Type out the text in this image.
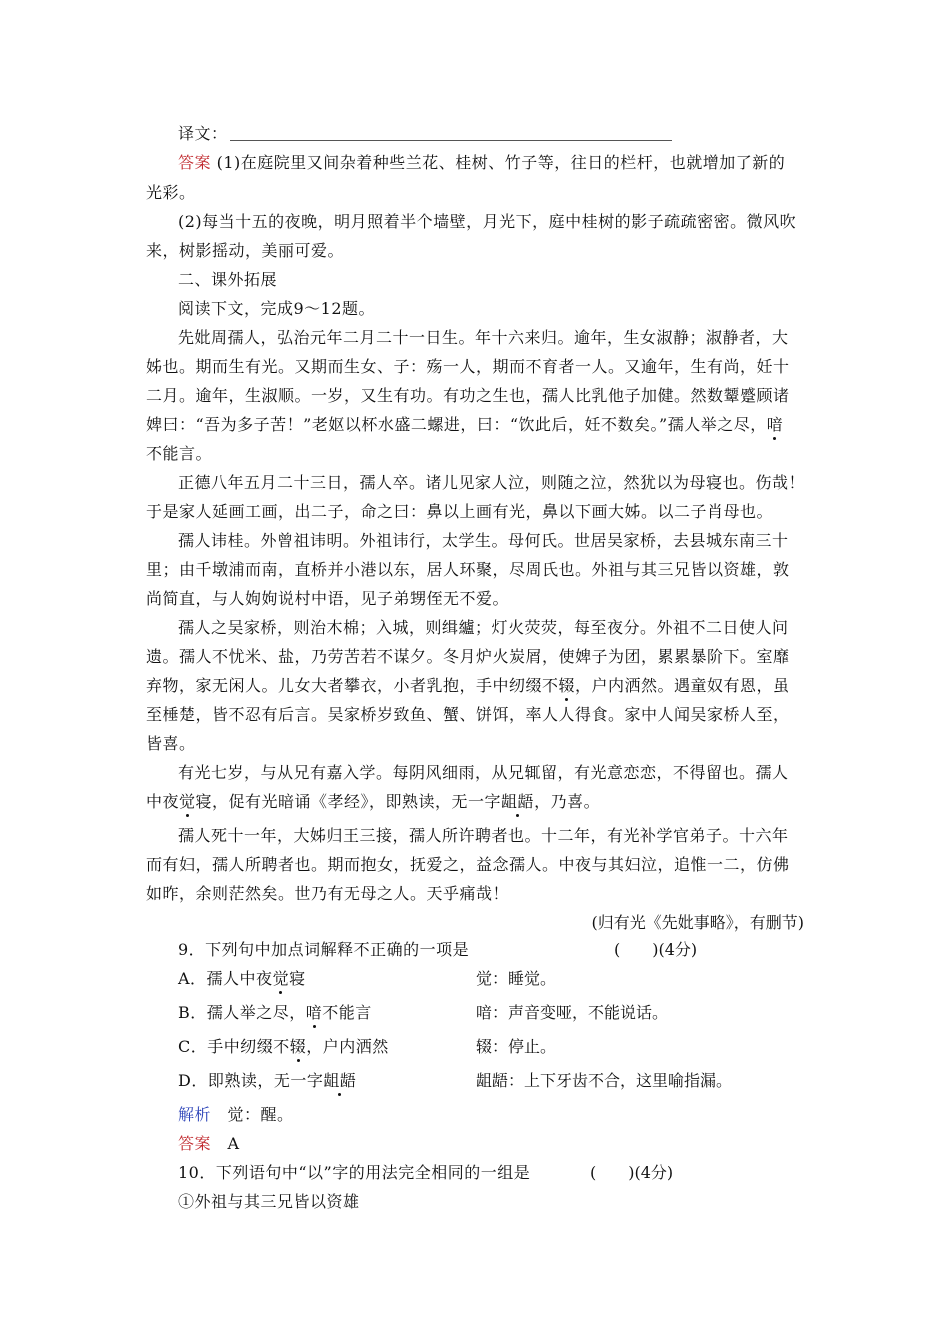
译文：
答案 (1)在庭院里又间杂着种些兰花、桂树、竹子等，往日的栏杆，也就增加了新的
光彩。
(2)每当十五的夜晚，明月照着半个墙壁，月光下，庭中桂树的影子疏疏密密。微风吹
来，树影摇动，美丽可爱。
二、课外拓展
阅读下文，完成9～12题。
先妣周孺人，弘治元年二月二十一日生。年十六来归。逾年，生女淑静；淑静者，大
姊也。期而生有光。又期而生女、子：殇一人，期而不育者一人。又逾年，生有尚，妊十
二月。逾年，生淑顺。一岁，又生有功。有功之生也，孺人比乳他子加健。然数颦蹙顾诸
婢曰：“吾为多子苦！”老妪以杯水盛二螺进，曰：“饮此后，妊不数矣。”孺人举之尽，喑
不能言。
正德八年五月二十三日，孺人卒。诸儿见家人泣，则随之泣，然犹以为母寝也。伤哉！
于是家人延画工画，出二子，命之曰：鼻以上画有光，鼻以下画大姊。以二子肖母也。
孺人讳桂。外曾祖讳明。外祖讳行，太学生。母何氏。世居吴家桥，去县城东南三十
里；由千墩浦而南，直桥并小港以东，居人环聚，尽周氏也。外祖与其三兄皆以资雄，敦
尚简直，与人姁姁说村中语，见子弟甥侄无不爱。
孺人之吴家桥，则治木棉；入城，则缉纑；灯火荧荧，每至夜分。外祖不二日使人问
遗。孺人不忧米、盐，乃劳苦若不谋夕。冬月炉火炭屑，使婢子为团，累累暴阶下。室靡
弃物，家无闲人。儿女大者攀衣，小者乳抱，手中纫缀不辍，户内洒然。遇童奴有恩，虽
至棰楚，皆不忍有后言。吴家桥岁致鱼、蟹、饼饵，率人人得食。家中人闻吴家桥人至，
皆喜。
有光七岁，与从兄有嘉入学。每阴风细雨，从兄辄留，有光意恋恋，不得留也。孺人
中夜觉寝，促有光暗诵《孝经》，即熟读，无一字龃龉，乃喜。
孺人死十一年，大姊归王三接，孺人所许聘者也。十二年，有光补学官弟子。十六年
而有妇，孺人所聘者也。期而抱女，抚爱之，益念孺人。中夜与其妇泣，追惟一二，仿佛
如昨，余则茫然矣。世乃有无母之人。天乎痛哉！
(归有光《先妣事略》，有删节)
9．下列句中加点词解释不正确的一项是	(　　)(4分)
A．孺人中夜觉寝	觉：睡觉。
B．孺人举之尽，喑不能言	喑：声音变哑，不能说话。
C．手中纫缀不辍，户内洒然	辍：停止。
D．即熟读，无一字龃龉	龃龉：上下牙齿不合，这里喻指漏。
解析　 觉：醒。
答案　 A
10．下列语句中“以”字的用法完全相同的一组是	(　　)(4分)
①外祖与其三兄皆以资雄
